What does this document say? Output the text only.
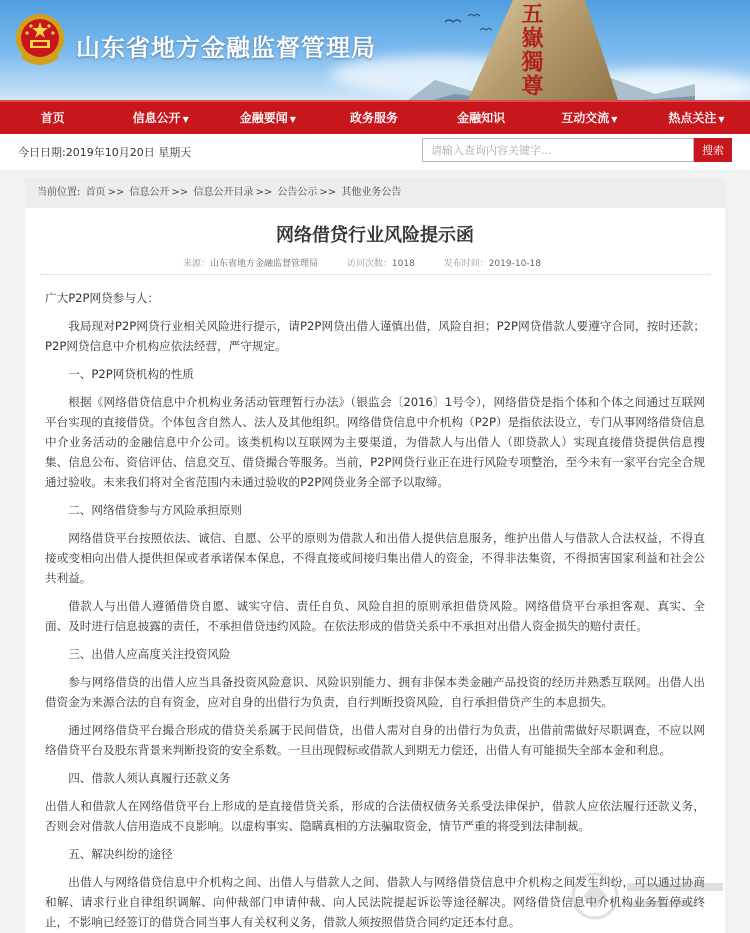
五嶽獨尊
山东省地方金融监督管理局
首页	信息公开 ▼	金融要闻 ▼	政务服务	金融知识	互动交流 ▼	热点关注 ▼
今日日期:2019年10月20日 星期天
请输入查询内容关键字...	搜索
当前位置: 首页 >> 信息公开 >> 信息公开目录 >> 公告公示 >> 其他业务公告
网络借贷行业风险提示函
来源：山东省地方金融监督管理局	访问次数：1018	发布时间：2019-10-18

广大P2P网贷参与人：

我局现对P2P网贷行业相关风险进行提示，请P2P网贷出借人谨慎出借，风险自担；P2P网贷借款人要遵守合同，按时还款；P2P网贷信息中介机构应依法经营，严守规定。

一、P2P网贷机构的性质

根据《网络借贷信息中介机构业务活动管理暂行办法》（银监会〔2016〕1号令），网络借贷是指个体和个体之间通过互联网平台实现的直接借贷。个体包含自然人、法人及其他组织。网络借贷信息中介机构（P2P）是指依法设立，专门从事网络借贷信息中介业务活动的金融信息中介公司。该类机构以互联网为主要渠道，为借款人与出借人（即贷款人）实现直接借贷提供信息搜集、信息公布、资信评估、信息交互、借贷撮合等服务。当前，P2P网贷行业正在进行风险专项整治，至今未有一家平台完全合规通过验收。未来我们将对全省范围内未通过验收的P2P网贷业务全部予以取缔。

二、网络借贷参与方风险承担原则

网络借贷平台按照依法、诚信、自愿、公平的原则为借款人和出借人提供信息服务，维护出借人与借款人合法权益，不得直接或变相向出借人提供担保或者承诺保本保息，不得直接或间接归集出借人的资金，不得非法集资，不得损害国家利益和社会公共利益。

借款人与出借人遵循借贷自愿、诚实守信、责任自负、风险自担的原则承担借贷风险。网络借贷平台承担客观、真实、全面、及时进行信息披露的责任，不承担借贷违约风险。在依法形成的借贷关系中不承担对出借人资金损失的赔付责任。

三、出借人应高度关注投资风险

参与网络借贷的出借人应当具备投资风险意识、风险识别能力、拥有非保本类金融产品投资的经历并熟悉互联网。出借人出借资金为来源合法的自有资金，应对自身的出借行为负责，自行判断投资风险，自行承担借贷产生的本息损失。

通过网络借贷平台撮合形成的借贷关系属于民间借贷，出借人需对自身的出借行为负责，出借前需做好尽职调查，不应以网络借贷平台及股东背景来判断投资的安全系数。一旦出现假标或借款人到期无力偿还，出借人有可能损失全部本金和利息。

四、借款人须认真履行还款义务

出借人和借款人在网络借贷平台上形成的是直接借贷关系，形成的合法债权债务关系受法律保护，借款人应依法履行还款义务，否则会对借款人信用造成不良影响。以虚构事实、隐瞒真相的方法骗取资金，情节严重的将受到法律制裁。

五、解决纠纷的途径

出借人与网络借贷信息中介机构之间、出借人与借款人之间、借款人与网络借贷信息中介机构之间发生纠纷，可以通过协商和解、请求行业自律组织调解、向仲裁部门申请仲裁、向人民法院提起诉讼等途径解决。网络借贷信息中介机构业务暂停或终止，不影响已经签订的借贷合同当事人有关权利义务，借款人须按照借贷合同约定还本付息。
